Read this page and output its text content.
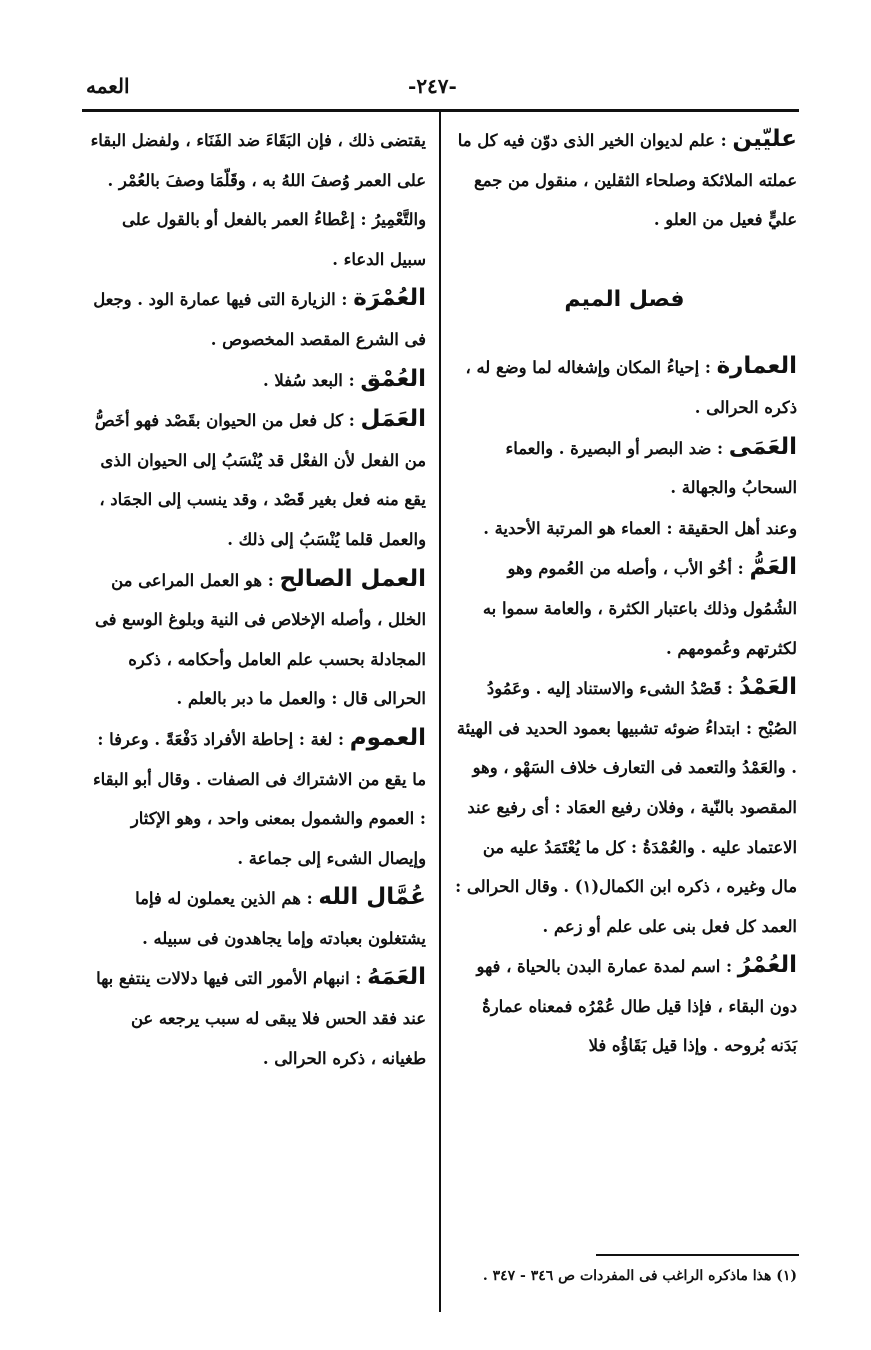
العمه	-٢٤٧-

عليّين : علم لديوان الخير الذى دوّن فيه كل ما عملته الملائكة وصلحاء الثقلين ، منقول من جمع عليٍّ فعيل من العلو .

فصل الميم

العمارة : إحياءُ المكان وإشغاله لما وضع له ، ذكره الحرالى .

العَمَى : ضد البصر أو البصيرة . والعماء السحابُ والجهالة .

وعند أهل الحقيقة : العماء هو المرتبة الأحدية .

العَمُّ : أخُو الأب ، وأصله من العُموم وهو الشُمُول وذلك باعتبار الكثرة ، والعامة سموا به لكثرتهم وعُمومهم .

العَمْدُ : قَصْدُ الشىء والاستناد إليه . وعَمُودُ الصُبْح : ابتداءُ ضوئه تشبيها بعمود الحديد فى الهيئة . والعَمْدُ والتعمد فى التعارف خلاف السَهْو ، وهو المقصود بالنّية ، وفلان رفيع العمَاد : أى رفيع عند الاعتماد عليه . والعُمْدَةُ : كل ما يُعْتَمَدُ عليه من مال وغيره ، ذكره ابن الكمال(١) . وقال الحرالى : العمد كل فعل بنى على علم أو زعم .

العُمْرُ : اسم لمدة عمارة البدن بالحياة ، فهو دون البقاء ، فإذا قيل طال عُمْرُه فمعناه عمارةُ بَدَنه بُروحه . وإذا قيل بَقَاؤُه فلا

يقتضى ذلك ، فإن البَقَاءَ ضد الفَنَاء ، ولفضل البقاء على العمر وُصفَ اللهُ به ، وقَلّمَا وصفَ بالعُمْر . والتَّعْمِيرُ : إعْطاءُ العمر بالفعل أو بالقول على سبيل الدعاء .

العُمْرَة : الزيارة التى فيها عمارة الود . وجعل فى الشرع المقصد المخصوص .

العُمْق : البعد سُفلا .

العَمَل : كل فعل من الحيوان بقَصْد فهو أخَصُّ من الفعل لأن الفعْل قد يُنْسَبُ إلى الحيوان الذى يقع منه فعل بغير قَصْد ، وقد ينسب إلى الجمَاد ، والعمل قلما يُنْسَبُ إلى ذلك .

العمل الصالح : هو العمل المراعى من الخلل ، وأصله الإخلاص فى النية وبلوغ الوسع فى المجادلة بحسب علم العامل وأحكامه ، ذكره الحرالى قال : والعمل ما دبر بالعلم .

العموم : لغة : إحاطة الأفراد دَفْعَةً . وعرفا : ما يقع من الاشتراك فى الصفات . وقال أبو البقاء : العموم والشمول بمعنى واحد ، وهو الإكثار وإيصال الشىء إلى جماعة .

عُمَّال الله : هم الذين يعملون له فإما يشتغلون بعبادته وإما يجاهدون فى سبيله .

العَمَهُ : انبهام الأمور التى فيها دلالات ينتفع بها عند فقد الحس فلا يبقى له سبب يرجعه عن طغيانه ، ذكره الحرالى .

(١) هذا ماذكره الراغب فى المفردات ص ٣٤٦ - ٣٤٧ .
